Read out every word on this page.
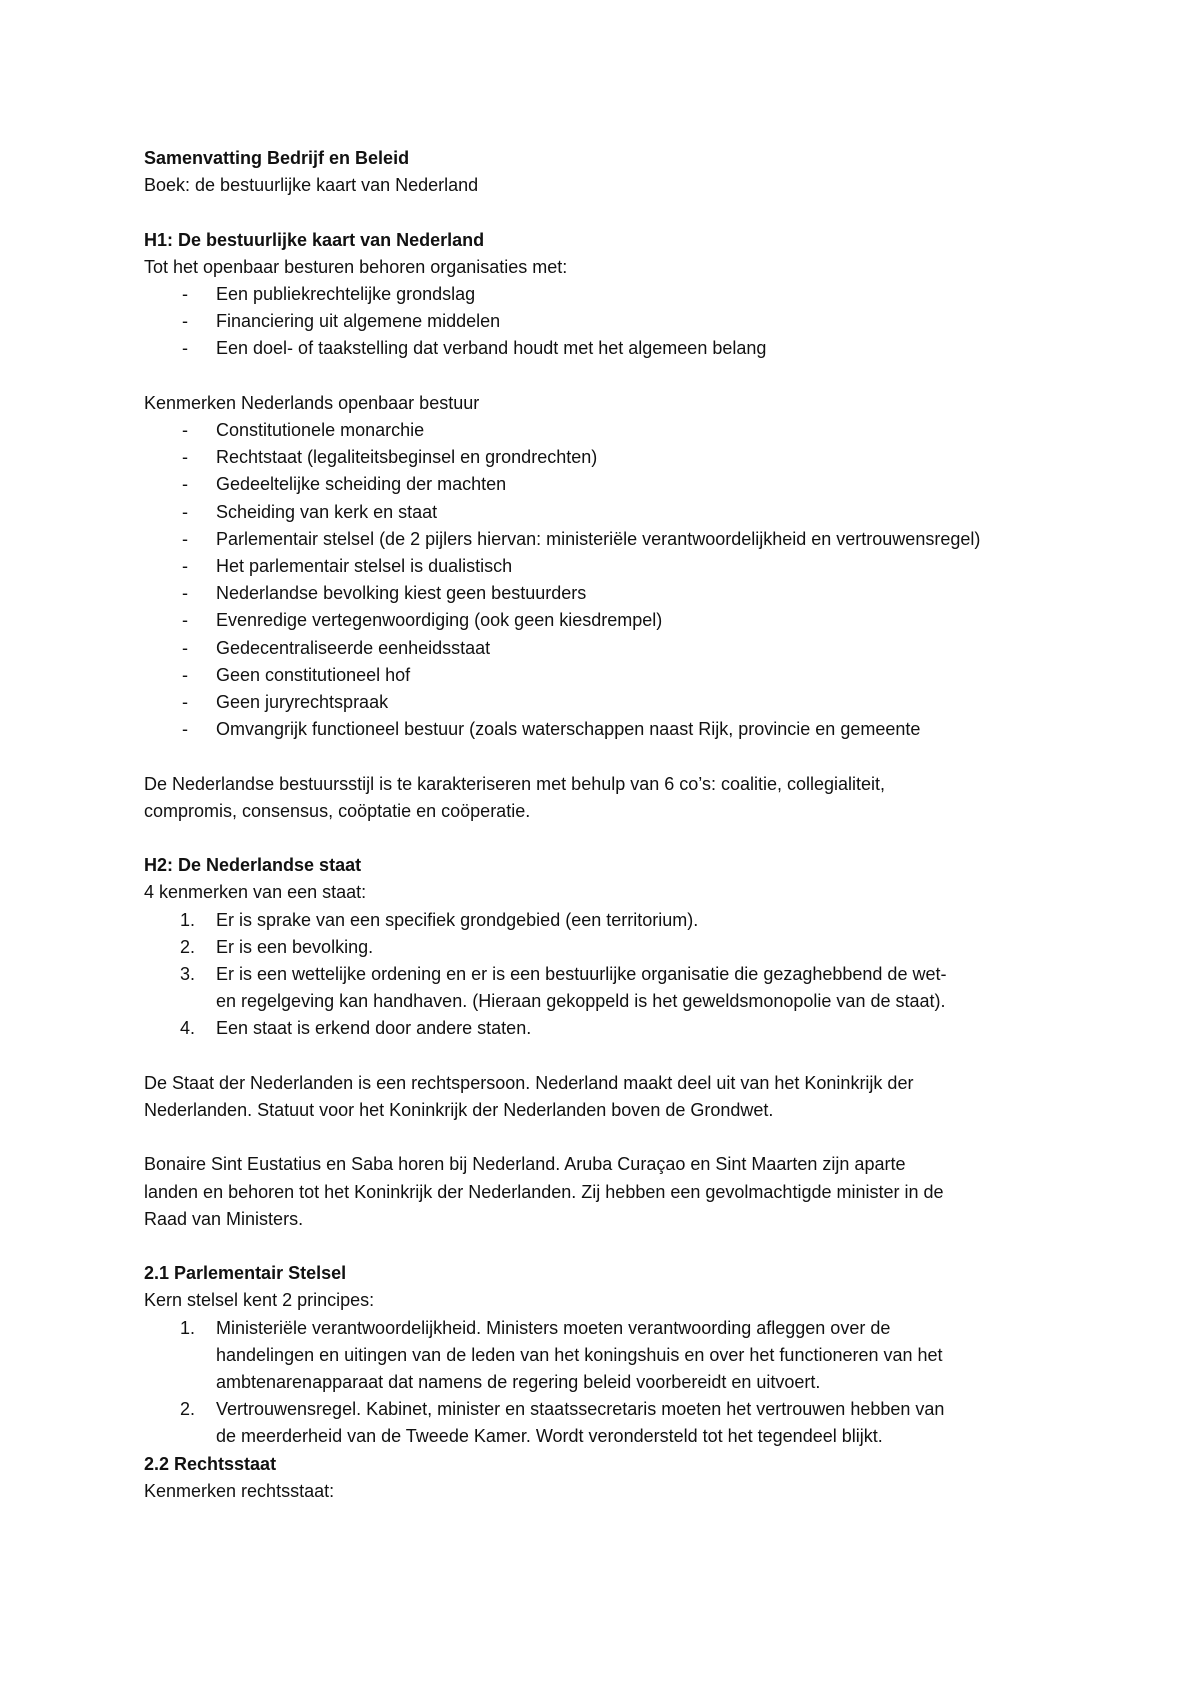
Samenvatting Bedrijf en Beleid

Boek: de bestuurlijke kaart van Nederland

H1: De bestuurlijke kaart van Nederland

Tot het openbaar besturen behoren organisaties met:

- Een publiekrechtelijke grondslag
- Financiering uit algemene middelen
- Een doel- of taakstelling dat verband houdt met het algemeen belang

Kenmerken Nederlands openbaar bestuur

- Constitutionele monarchie
- Rechtstaat (legaliteitsbeginsel en grondrechten)
- Gedeeltelijke scheiding der machten
- Scheiding van kerk en staat
- Parlementair stelsel (de 2 pijlers hiervan: ministeriële verantwoordelijkheid en vertrouwensregel)
- Het parlementair stelsel is dualistisch
- Nederlandse bevolking kiest geen bestuurders
- Evenredige vertegenwoordiging (ook geen kiesdrempel)
- Gedecentraliseerde eenheidsstaat
- Geen constitutioneel hof
- Geen juryrechtspraak
- Omvangrijk functioneel bestuur (zoals waterschappen naast Rijk, provincie en gemeente

De Nederlandse bestuursstijl is te karakteriseren met behulp van 6 co’s: coalitie, collegialiteit,

compromis, consensus, coöptatie en coöperatie.

H2: De Nederlandse staat

4 kenmerken van een staat:

1. Er is sprake van een specifiek grondgebied (een territorium).
2. Er is een bevolking.
3. Er is een wettelijke ordening en er is een bestuurlijke organisatie die gezaghebbend de wet-
en regelgeving kan handhaven. (Hieraan gekoppeld is het geweldsmonopolie van de staat).
4. Een staat is erkend door andere staten.

De Staat der Nederlanden is een rechtspersoon. Nederland maakt deel uit van het Koninkrijk der

Nederlanden. Statuut voor het Koninkrijk der Nederlanden boven de Grondwet.

Bonaire Sint Eustatius en Saba horen bij Nederland. Aruba Curaçao en Sint Maarten zijn aparte

landen en behoren tot het Koninkrijk der Nederlanden. Zij hebben een gevolmachtigde minister in de

Raad van Ministers.

2.1 Parlementair Stelsel

Kern stelsel kent 2 principes:

1. Ministeriële verantwoordelijkheid. Ministers moeten verantwoording afleggen over de
handelingen en uitingen van de leden van het koningshuis en over het functioneren van het
ambtenarenapparaat dat namens de regering beleid voorbereidt en uitvoert.
2. Vertrouwensregel. Kabinet, minister en staatssecretaris moeten het vertrouwen hebben van
de meerderheid van de Tweede Kamer. Wordt verondersteld tot het tegendeel blijkt.

2.2 Rechtsstaat

Kenmerken rechtsstaat:
